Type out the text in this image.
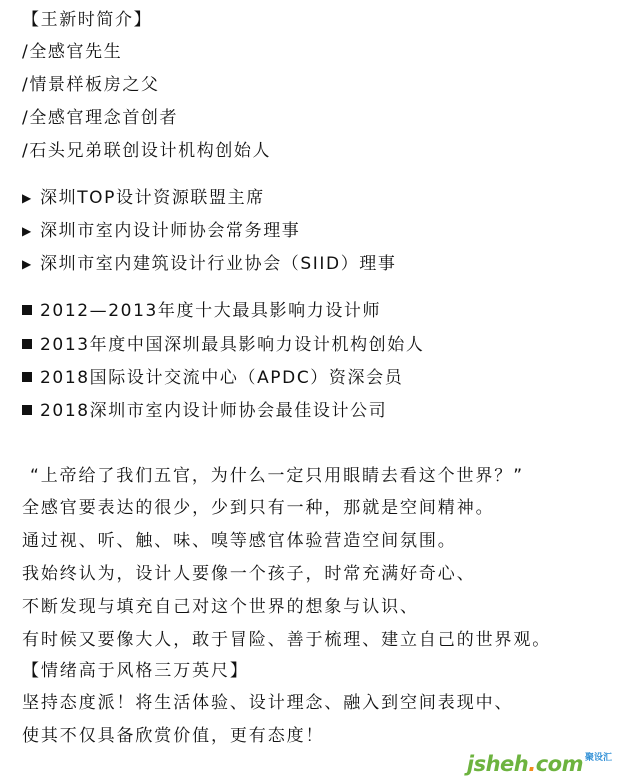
【王新时简介】
/全感官先生
/情景样板房之父
/全感官理念首创者
/石头兄弟联创设计机构创始人
▶ 深圳TOP设计资源联盟主席
▶ 深圳市室内设计师协会常务理事
▶ 深圳市室内建筑设计行业协会（SIID）理事
2012—2013年度十大最具影响力设计师
2013年度中国深圳最具影响力设计机构创始人
2018国际设计交流中心（APDC）资深会员
2018深圳市室内设计师协会最佳设计公司
“上帝给了我们五官，为什么一定只用眼睛去看这个世界？”
全感官要表达的很少，少到只有一种，那就是空间精神。
通过视、听、触、味、嗅等感官体验营造空间氛围。
我始终认为，设计人要像一个孩子，时常充满好奇心、
不断发现与填充自己对这个世界的想象与认识、
有时候又要像大人，敢于冒险、善于梳理、建立自己的世界观。
【情绪高于风格三万英尺】
坚持态度派！将生活体验、设计理念、融入到空间表现中、
使其不仅具备欣赏价值，更有态度！
jsheh.com 聚设汇
